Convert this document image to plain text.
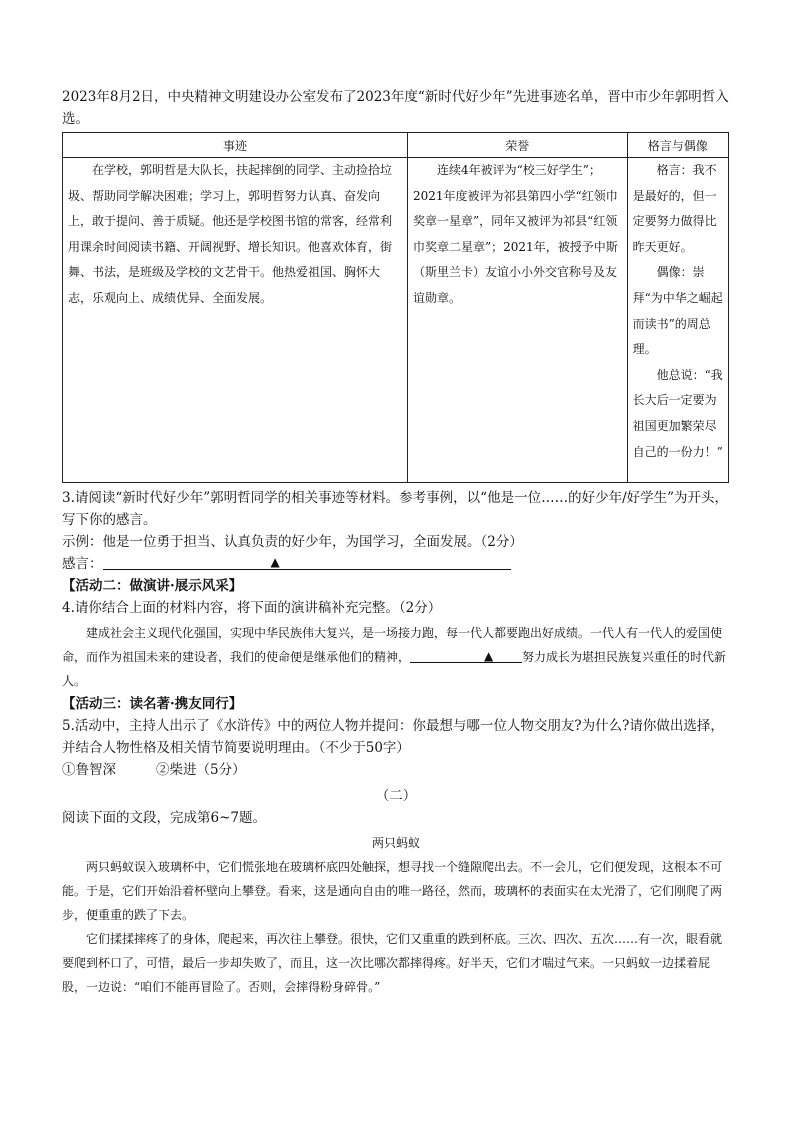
2023年8月2日，中央精神文明建设办公室发布了2023年度“新时代好少年”先进事迹名单，晋中市少年郭明哲入选。

事迹	荣誉	格言与偶像

在学校，郭明哲是大队长，扶起摔倒的同学、主动捡拾垃圾、帮助同学解决困难；学习上，郭明哲努力认真、奋发向上，敢于提问、善于质疑。他还是学校图书馆的常客，经常利用课余时间阅读书籍、开阔视野、增长知识。他喜欢体育，街舞、书法，是班级及学校的文艺骨干。他热爱祖国、胸怀大志，乐观向上、成绩优异、全面发展。	连续4年被评为“校三好学生”；2021年度被评为祁县第四小学“红领巾奖章一星章”，同年又被评为祁县“红领巾奖章二星章”；2021年，被授予中斯（斯里兰卡）友谊小小外交官称号及友谊勋章。	格言：我不是最好的，但一定要努力做得比昨天更好。

偶像：崇拜“为中华之崛起而读书”的周总理。

他总说：“我长大后一定要为祖国更加繁荣尽自己的一份力！”

3.请阅读“新时代好少年”郭明哲同学的相关事迹等材料。参考事例，以“他是一位……的好少年/好学生”为开头，写下你的感言。

示例：他是一位勇于担当、认真负责的好少年，为国学习，全面发展。（2分）

感言：	▲

【活动二：做演讲·展示风采】

4.请你结合上面的材料内容，将下面的演讲稿补充完整。（2分）

建成社会主义现代化强国，实现中华民族伟大复兴，是一场接力跑，每一代人都要跑出好成绩。一代人有一代人的爱国使命，而作为祖国未来的建设者，我们的使命便是继承他们的精神，	▲ 努力成长为堪担民族复兴重任的时代新人。

【活动三：读名著·携友同行】

5.活动中，主持人出示了《水浒传》中的两位人物并提问：你最想与哪一位人物交朋友?为什么?请你做出选择，并结合人物性格及相关情节简要说明理由。（不少于50字）

①鲁智深	②柴进（5分）

（二）

阅读下面的文段，完成第6~7题。

两只蚂蚁

两只蚂蚁误入玻璃杯中，它们慌张地在玻璃杯底四处触探，想寻找一个缝隙爬出去。不一会儿，它们便发现，这根本不可能。于是，它们开始沿着杯壁向上攀登。看来，这是通向自由的唯一路径，然而，玻璃杯的表面实在太光滑了，它们刚爬了两步，便重重的跌了下去。

它们揉揉摔疼了的身体，爬起来，再次往上攀登。很快，它们又重重的跌到杯底。三次、四次、五次……有一次，眼看就要爬到杯口了，可惜，最后一步却失败了，而且，这一次比哪次都摔得疼。好半天，它们才喘过气来。一只蚂蚁一边揉着屁股，一边说：“咱们不能再冒险了。否则，会摔得粉身碎骨。”
